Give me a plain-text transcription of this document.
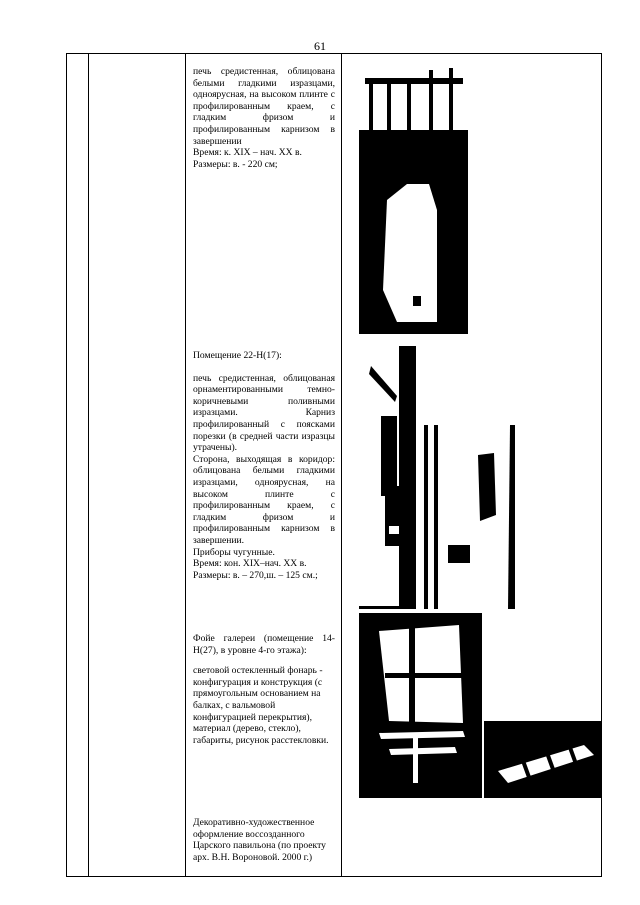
61

печь средистенная, облицована белыми гладкими изразцами, одноярусная, на высоком плинте с профилированным краем, с гладким фризом и профилированным карнизом в завершении

Время: к. XIX – нач. XX в.

Размеры: в. - 220 см;

Помещение 22-Н(17):

печь средистенная, облицованая орнаментированными темно-коричневыми поливными изразцами. Карниз профилированный с поясками порезки (в средней части изразцы утрачены).

Сторона, выходящая в коридор: облицована белыми гладкими изразцами, одноярусная, на высоком плинте с профилированным краем, с гладким фризом и профилированным карнизом в завершении.

Приборы чугунные.

Время: кон. XIX–нач. XX в.

Размеры: в. – 270,ш. – 125 см.;

Фойе галереи (помещение 14-Н(27), в уровне 4-го этажа):

световой остекленный фонарь - конфигурация и конструкция (с прямоугольным основанием на балках, с вальмовой конфигурацией перекрытия), материал (дерево, стекло), габариты, рисунок расстекловки.

Декоративно-художественное оформление воссозданного Царского павильона (по проекту арх. В.Н. Вороновой. 2000 г.)
